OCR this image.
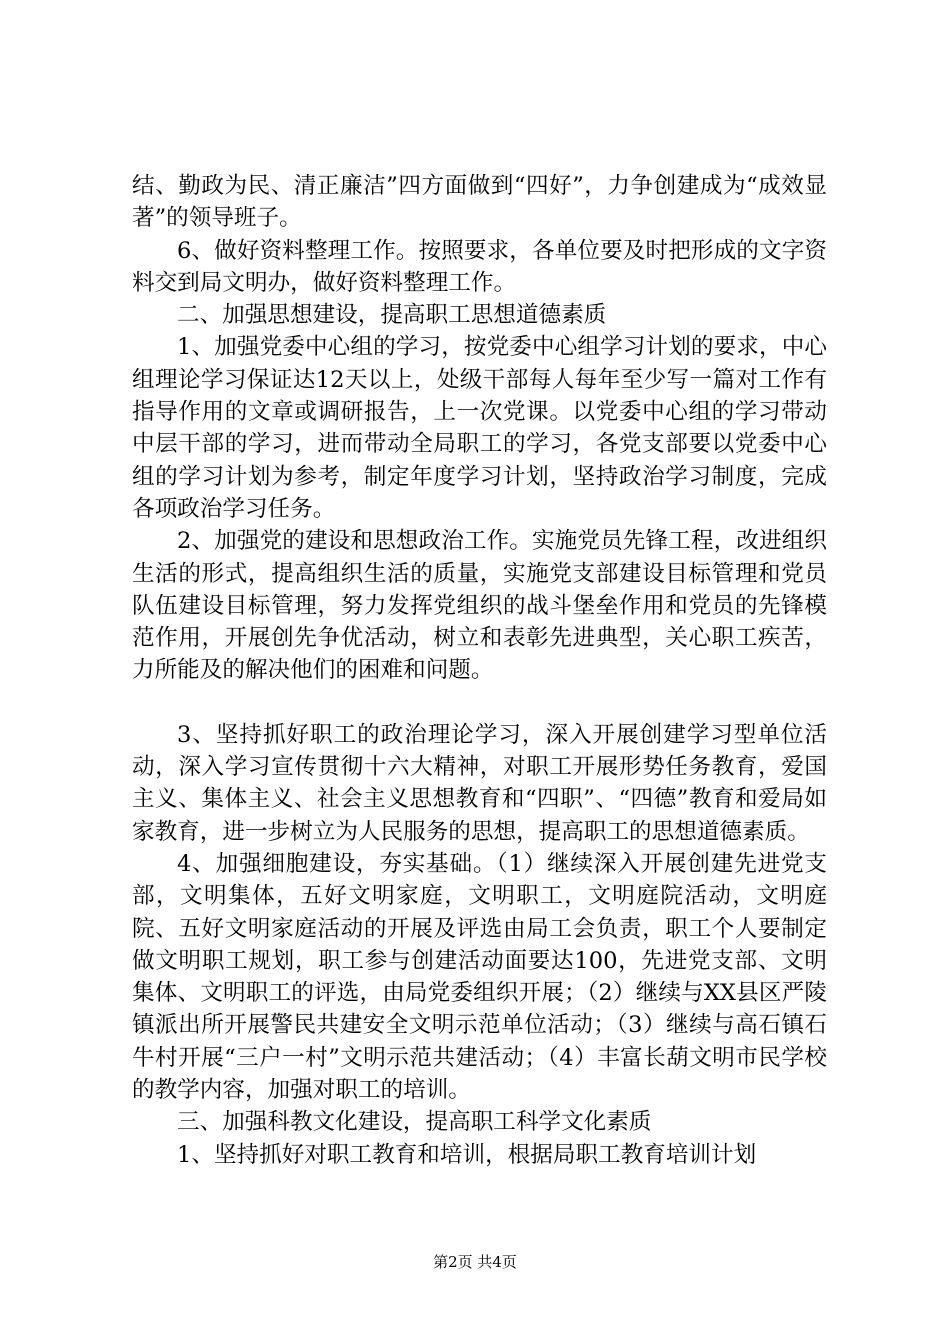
结、勤政为民、清正廉洁”四方面做到“四好”，力争创建成为“成效显著”的领导班子。

6、做好资料整理工作。按照要求，各单位要及时把形成的文字资料交到局文明办，做好资料整理工作。

二、加强思想建设，提高职工思想道德素质

1、加强党委中心组的学习，按党委中心组学习计划的要求，中心组理论学习保证达12天以上，处级干部每人每年至少写一篇对工作有指导作用的文章或调研报告，上一次党课。以党委中心组的学习带动中层干部的学习，进而带动全局职工的学习，各党支部要以党委中心组的学习计划为参考，制定年度学习计划，坚持政治学习制度，完成各项政治学习任务。

2、加强党的建设和思想政治工作。实施党员先锋工程，改进组织生活的形式，提高组织生活的质量，实施党支部建设目标管理和党员队伍建设目标管理，努力发挥党组织的战斗堡垒作用和党员的先锋模范作用，开展创先争优活动，树立和表彰先进典型，关心职工疾苦，力所能及的解决他们的困难和问题。

3、坚持抓好职工的政治理论学习，深入开展创建学习型单位活动，深入学习宣传贯彻十六大精神，对职工开展形势任务教育，爱国主义、集体主义、社会主义思想教育和“四职”、“四德”教育和爱局如家教育，进一步树立为人民服务的思想，提高职工的思想道德素质。

4、加强细胞建设，夯实基础。（1）继续深入开展创建先进党支部，文明集体，五好文明家庭，文明职工，文明庭院活动，文明庭院、五好文明家庭活动的开展及评选由局工会负责，职工个人要制定做文明职工规划，职工参与创建活动面要达100，先进党支部、文明集体、文明职工的评选，由局党委组织开展；（2）继续与XX县区严陵镇派出所开展警民共建安全文明示范单位活动；（3）继续与高石镇石牛村开展“三户一村”文明示范共建活动；（4）丰富长葫文明市民学校的教学内容，加强对职工的培训。

三、加强科教文化建设，提高职工科学文化素质

1、坚持抓好对职工教育和培训，根据局职工教育培训计划

第2页 共4页
